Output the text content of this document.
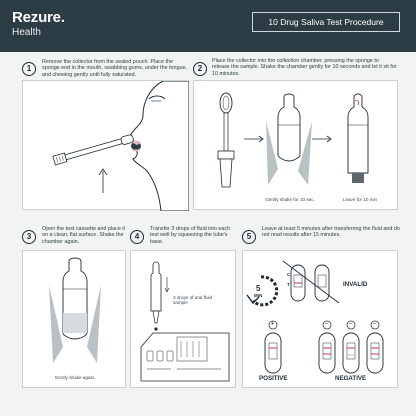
Rezure.
Health
10 Drug Saliva Test Procedure
1
Remove the collector from the sealed pouch. Place the sponge end in the mouth, swabbing gums, under the tongue, and chewing gently until fully saturated.
2
Place the collector into the collection chamber, pressing the sponge to release the sample. Shake the chamber gently for 10 seconds and let it sit for 10 minutes.
Gently shake for 10 sec.	Leave for 10 min
3
Open the test cassette and place it on a clean, flat surface. Shake the chamber again.
Gently shake again.
4
Transfer 3 drops of fluid into each test well by squeezing the tube's base.
3 drops of oral fluid sample
5
Leave at least 5 minutes after transferring the fluid and do not read results after 15 minutes.
5
MIN
C
T	INVALID
+	−	−	−
POSITIVE	NEGATIVE
